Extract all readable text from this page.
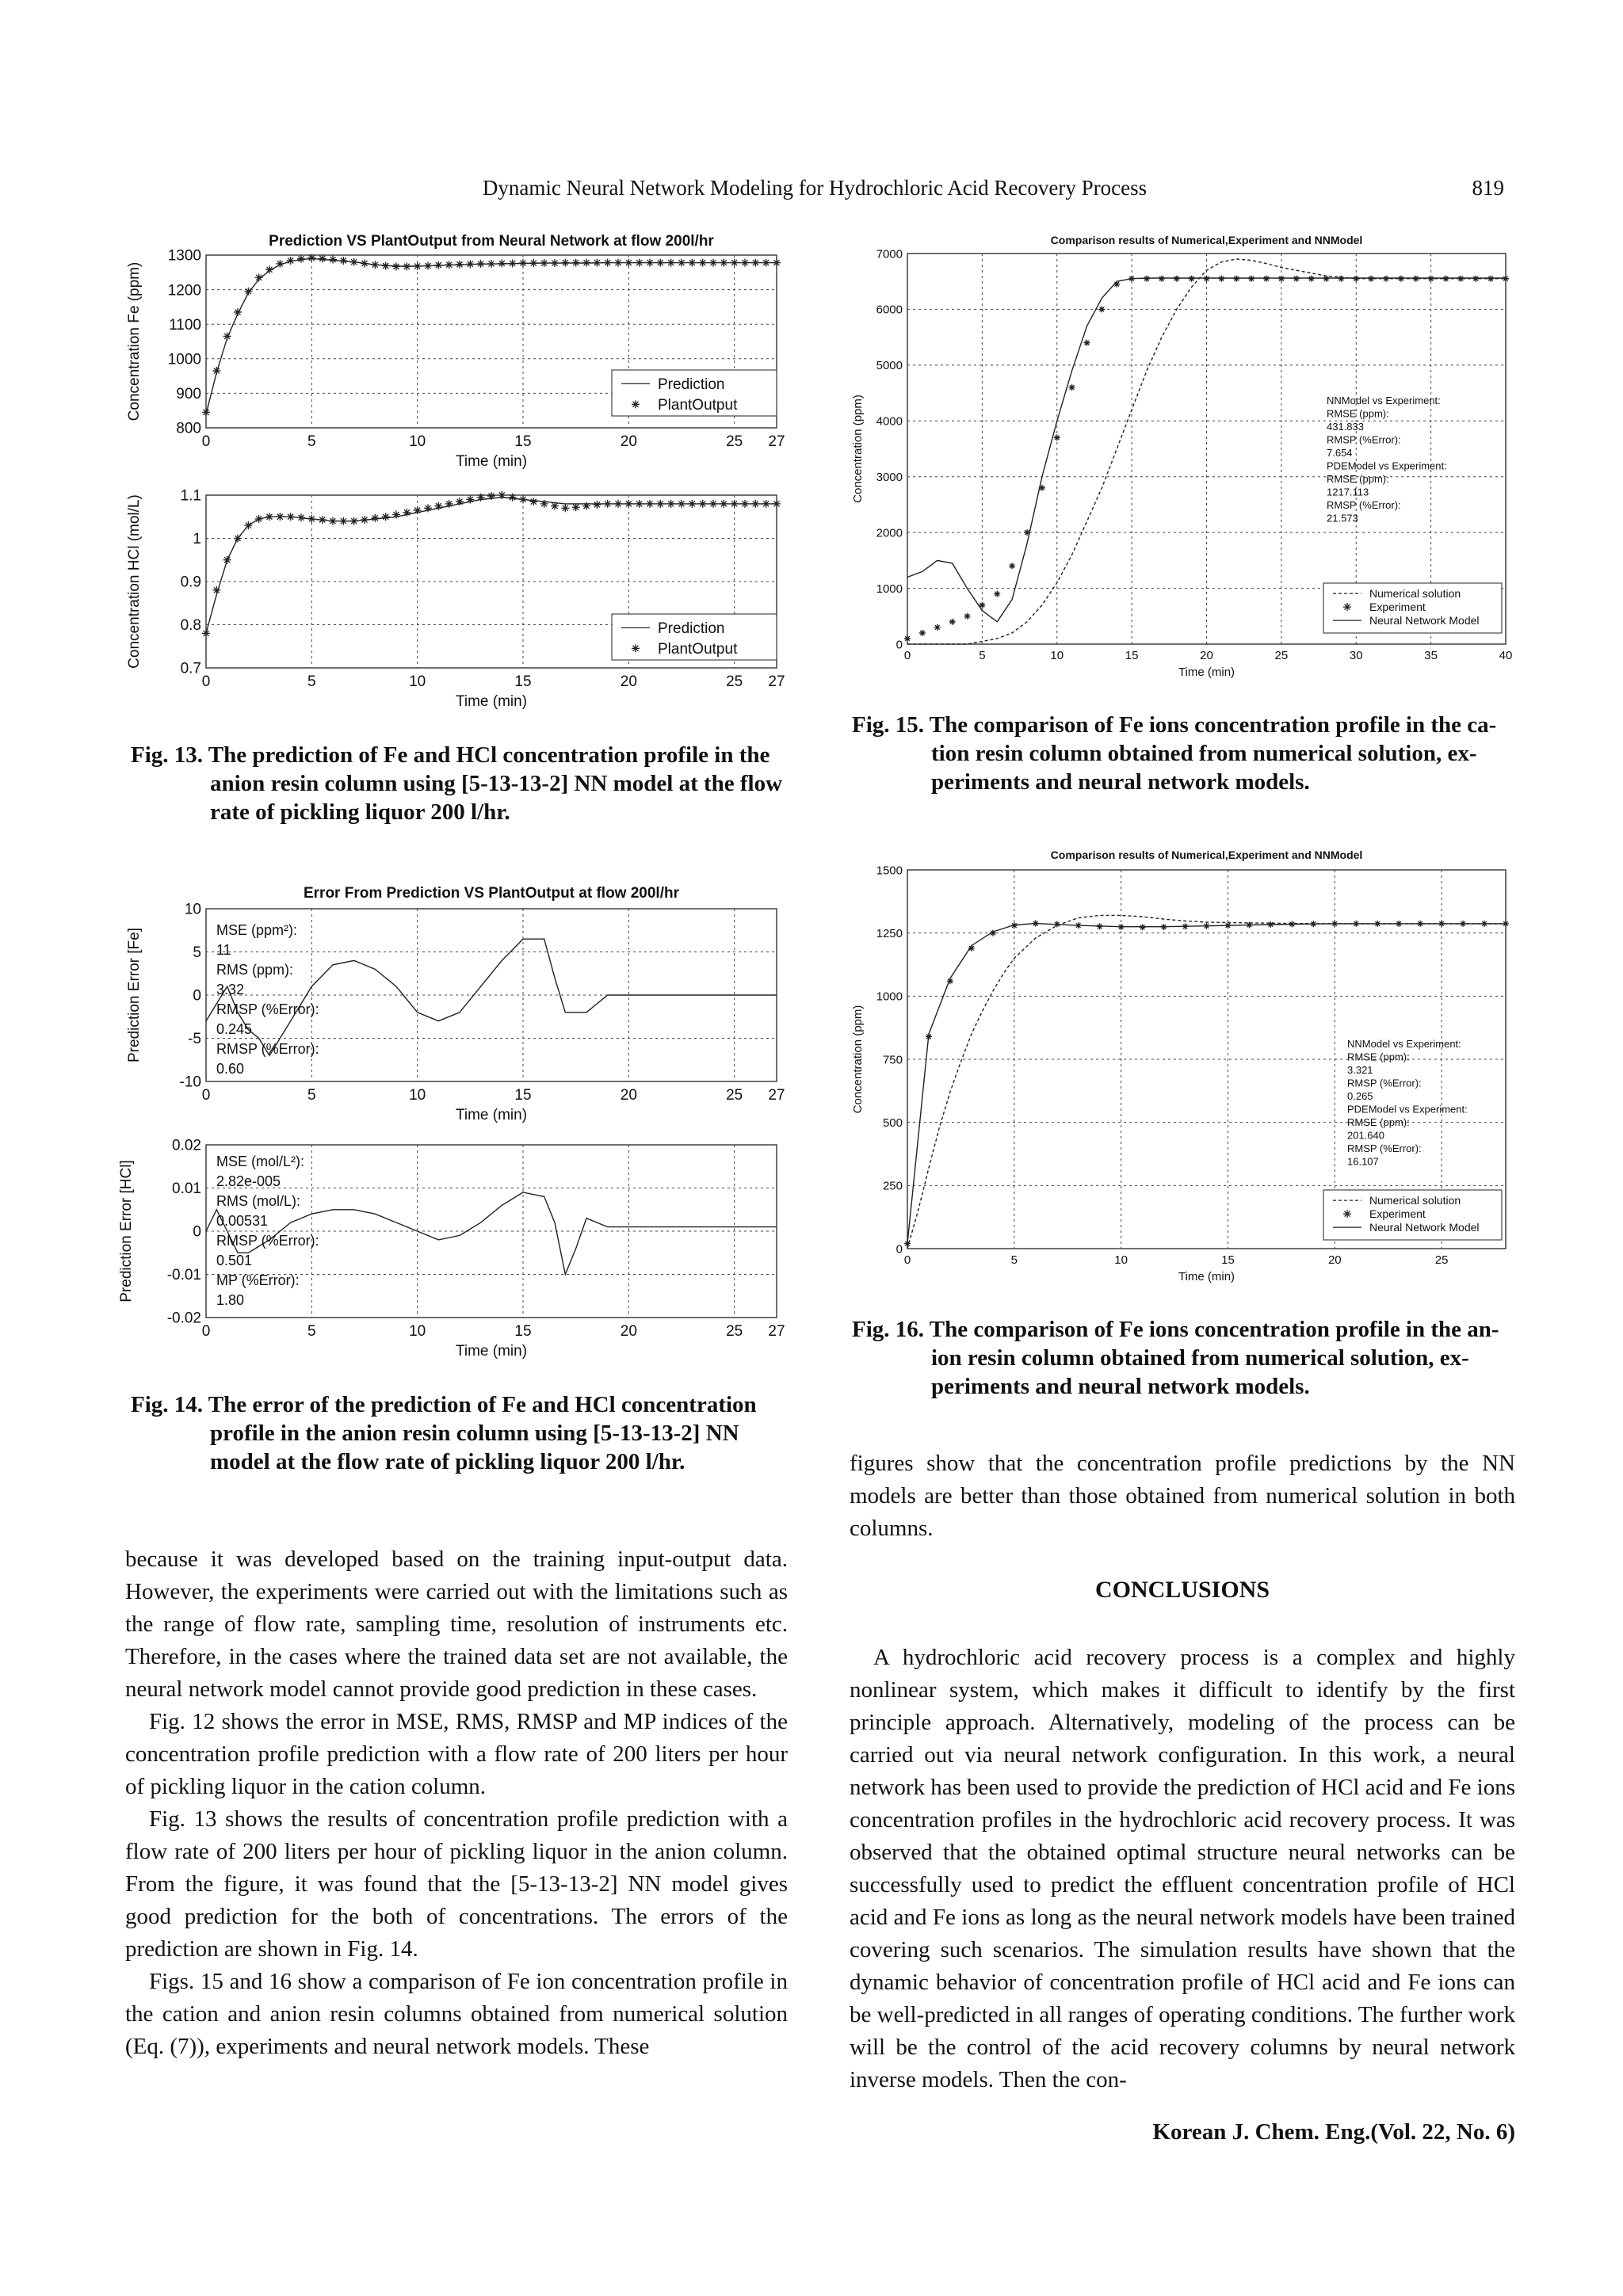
Dynamic Neural Network Modeling for Hydrochloric Acid Recovery Process	819
0	5	10	15	20	25 27
800
900
1000
1100
1200
1300
Time (min)
Concentration Fe (ppm)
Prediction VS PlantOutput from Neural Network at flow 200l/hr
Prediction
PlantOutput
0	5	10	15	20	25 27
0.7
0.8
0.9
1
1.1
Time (min)
Concentration HCl (mol/L)	Prediction
PlantOutput
Fig. 13. The prediction of Fe and HCl concentration profile in the
anion resin column using [5-13-13-2] NN model at the flow
rate of pickling liquor 200 l/hr.
0	5	10	15	20	25 27
-10
-5
0
5
10
Time (min)
Prediction Error [Fe]
Error From Prediction VS PlantOutput at flow 200l/hr
MSE (ppm²):
11
RMS (ppm):
3.32
RMSP (%Error):
0.245
RMSP (%Error):
0.60
0	5	10	15	20	25 27
-0.02
-0.01
0
0.01
0.02
Time (min)
Prediction Error [HCl]	MSE (mol/L²):
2.82e-005
RMS (mol/L):
0.00531
RMSP (%Error):
0.501
MP (%Error):
1.80
Fig. 14. The error of the prediction of Fe and HCl concentration
profile in the anion resin column using [5-13-13-2] NN
model at the flow rate of pickling liquor 200 l/hr.
0	5	10	15	20	25	30	35	40
0
1000
2000
3000
4000
5000
6000
7000
Time (min)
Concentration (ppm)
Comparison results of Numerical,Experiment and NNModel
Numerical solution
Experiment
Neural Network Model
NNModel vs Experiment:
RMSE (ppm):
431.833
RMSP (%Error):
7.654
PDEModel vs Experiment:
RMSE (ppm):
1217.113
RMSP (%Error):
21.573
Fig. 15. The comparison of Fe ions concentration profile in the ca-
tion resin column obtained from numerical solution, ex-
periments and neural network models.
0	5	10	15	20	25
0
250
500
750
1000
1250
1500
Time (min)
Concentration (ppm)
Comparison results of Numerical,Experiment and NNModel
Numerical solution
Experiment
Neural Network Model
NNModel vs Experiment:
RMSE (ppm):
3.321
RMSP (%Error):
0.265
PDEModel vs Experiment:
RMSE (ppm):
201.640
RMSP (%Error):
16.107
Fig. 16. The comparison of Fe ions concentration profile in the an-
ion resin column obtained from numerical solution, ex-
periments and neural network models.

because it was developed based on the training input-output data. However, the experiments were carried out with the limitations such as the range of flow rate, sampling time, resolution of instruments etc. Therefore, in the cases where the trained data set are not available, the neural network model cannot provide good prediction in these cases.

Fig. 12 shows the error in MSE, RMS, RMSP and MP indices of the concentration profile prediction with a flow rate of 200 liters per hour of pickling liquor in the cation column.

Fig. 13 shows the results of concentration profile prediction with a flow rate of 200 liters per hour of pickling liquor in the anion column. From the figure, it was found that the [5-13-13-2] NN model gives good prediction for the both of concentrations. The errors of the prediction are shown in Fig. 14.

Figs. 15 and 16 show a comparison of Fe ion concentration profile in the cation and anion resin columns obtained from numerical solution (Eq. (7)), experiments and neural network models. These

figures show that the concentration profile predictions by the NN models are better than those obtained from numerical solution in both columns.

CONCLUSIONS

A hydrochloric acid recovery process is a complex and highly nonlinear system, which makes it difficult to identify by the first principle approach. Alternatively, modeling of the process can be carried out via neural network configuration. In this work, a neural network has been used to provide the prediction of HCl acid and Fe ions concentration profiles in the hydrochloric acid recovery process. It was observed that the obtained optimal structure neural networks can be successfully used to predict the effluent concentration profile of HCl acid and Fe ions as long as the neural network models have been trained covering such scenarios. The simulation results have shown that the dynamic behavior of concentration profile of HCl acid and Fe ions can be well-predicted in all ranges of operating conditions. The further work will be the control of the acid recovery columns by neural network inverse models. Then the con-

Korean J. Chem. Eng.(Vol. 22, No. 6)
